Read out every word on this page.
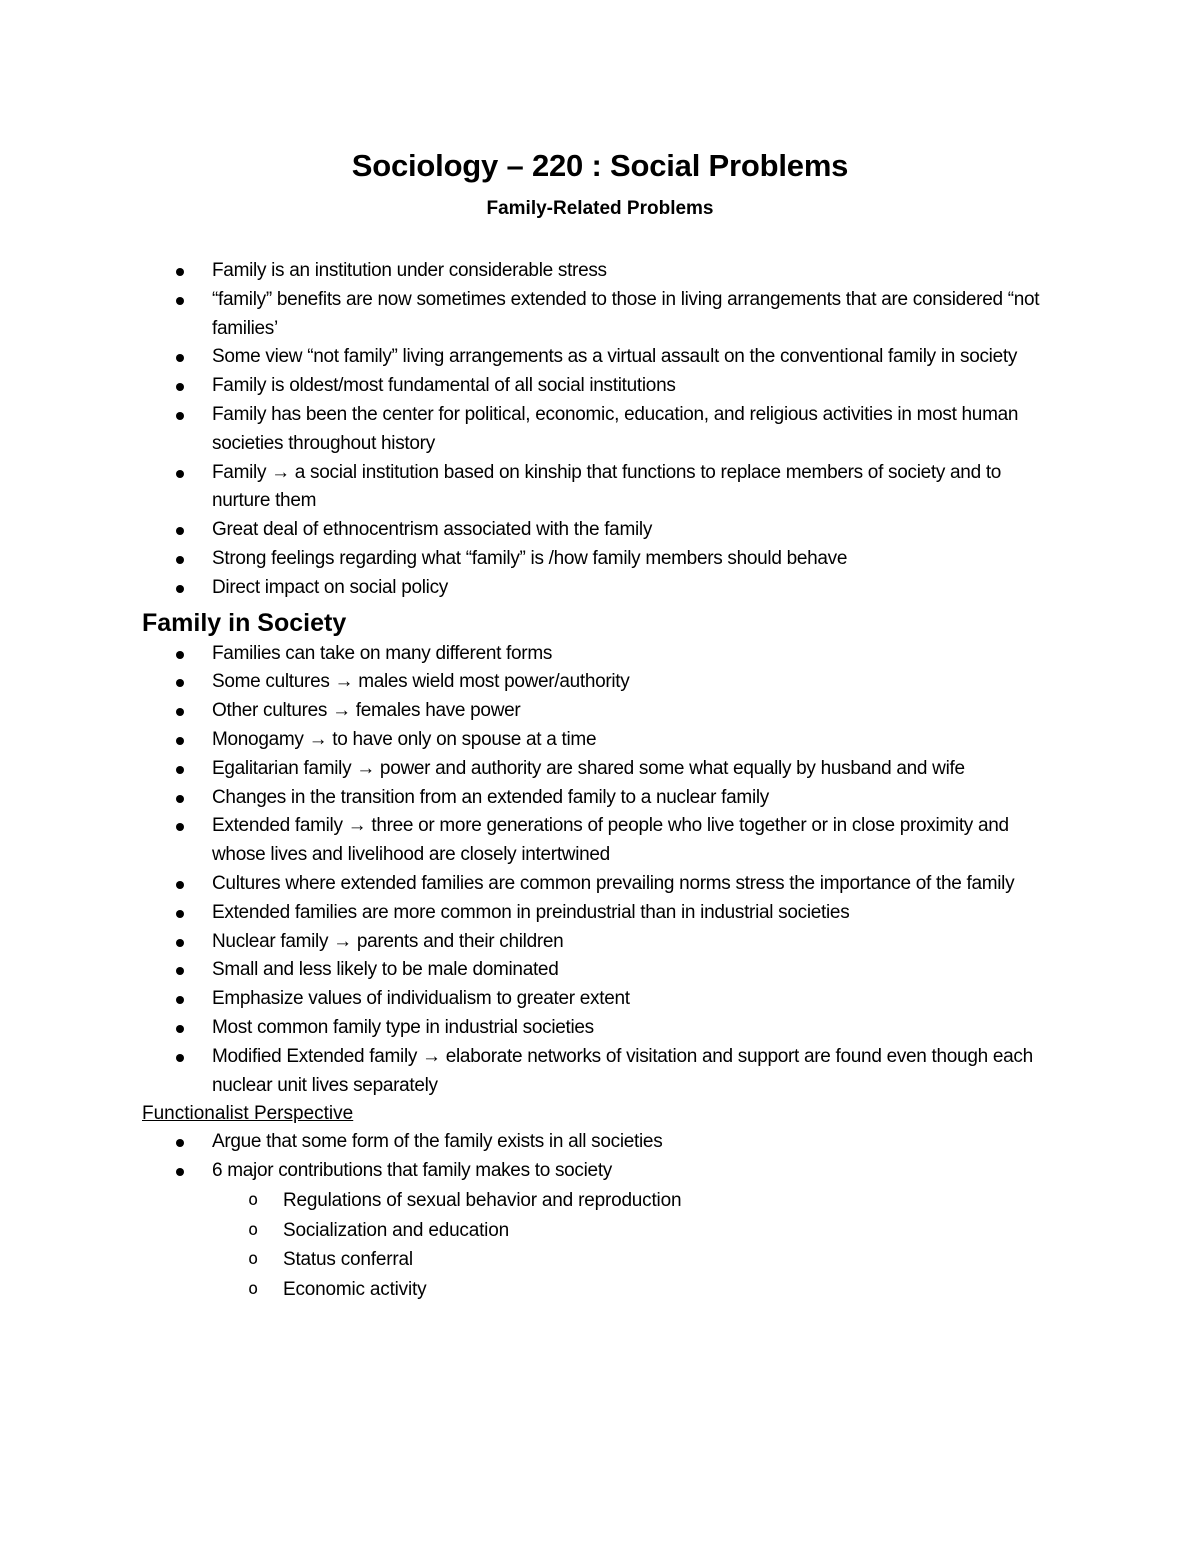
Sociology – 220 : Social Problems
Family-Related Problems
Family is an institution under considerable stress
“family” benefits are now sometimes extended to those in living arrangements that are considered “not families’
Some view “not family” living arrangements as a virtual assault on the conventional family in society
Family is oldest/most fundamental of all social institutions
Family has been the center for political, economic, education, and religious activities in most human societies throughout history
Family → a social institution based on kinship that functions to replace members of society and to nurture them
Great deal of ethnocentrism associated with the family
Strong feelings regarding what “family” is /how family members should behave
Direct impact on social policy
Family in Society
Families can take on many different forms
Some cultures → males wield most power/authority
Other cultures → females have power
Monogamy → to have only on spouse at a time
Egalitarian family → power and authority are shared some what equally by husband and wife
Changes in the transition from an extended family to a nuclear family
Extended family → three or more generations of people who live together or in close proximity and whose lives and livelihood are closely intertwined
Cultures where extended families are common prevailing norms stress the importance of the family
Extended families are more common in preindustrial than in industrial societies
Nuclear family → parents and their children
Small and less likely to be male dominated
Emphasize values of individualism to greater extent
Most common family type in industrial societies
Modified Extended family → elaborate networks of visitation and support are found even though each nuclear unit lives separately
Functionalist Perspective
Argue that some form of the family exists in all societies
6 major contributions that family makes to society
o Regulations of sexual behavior and reproduction
o Socialization and education
o Status conferral
o Economic activity
